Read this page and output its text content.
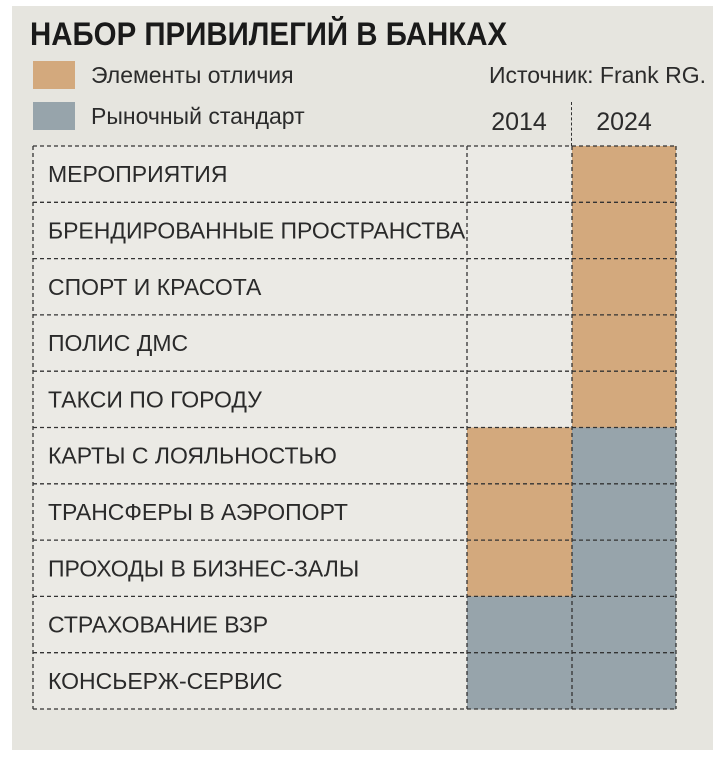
НАБОР ПРИВИЛЕГИЙ В БАНКАХ
Элементы отличия
Рыночный стандарт
Источник: Frank RG.
2014	2024
МЕРОПРИЯТИЯ
БРЕНДИРОВАННЫЕ ПРОСТРАНСТВА
СПОРТ И КРАСОТА
ПОЛИС ДМС
ТАКСИ ПО ГОРОДУ
КАРТЫ С ЛОЯЛЬНОСТЬЮ
ТРАНСФЕРЫ В АЭРОПОРТ
ПРОХОДЫ В БИЗНЕС-ЗАЛЫ
СТРАХОВАНИЕ ВЗР
КОНСЬЕРЖ-СЕРВИС
